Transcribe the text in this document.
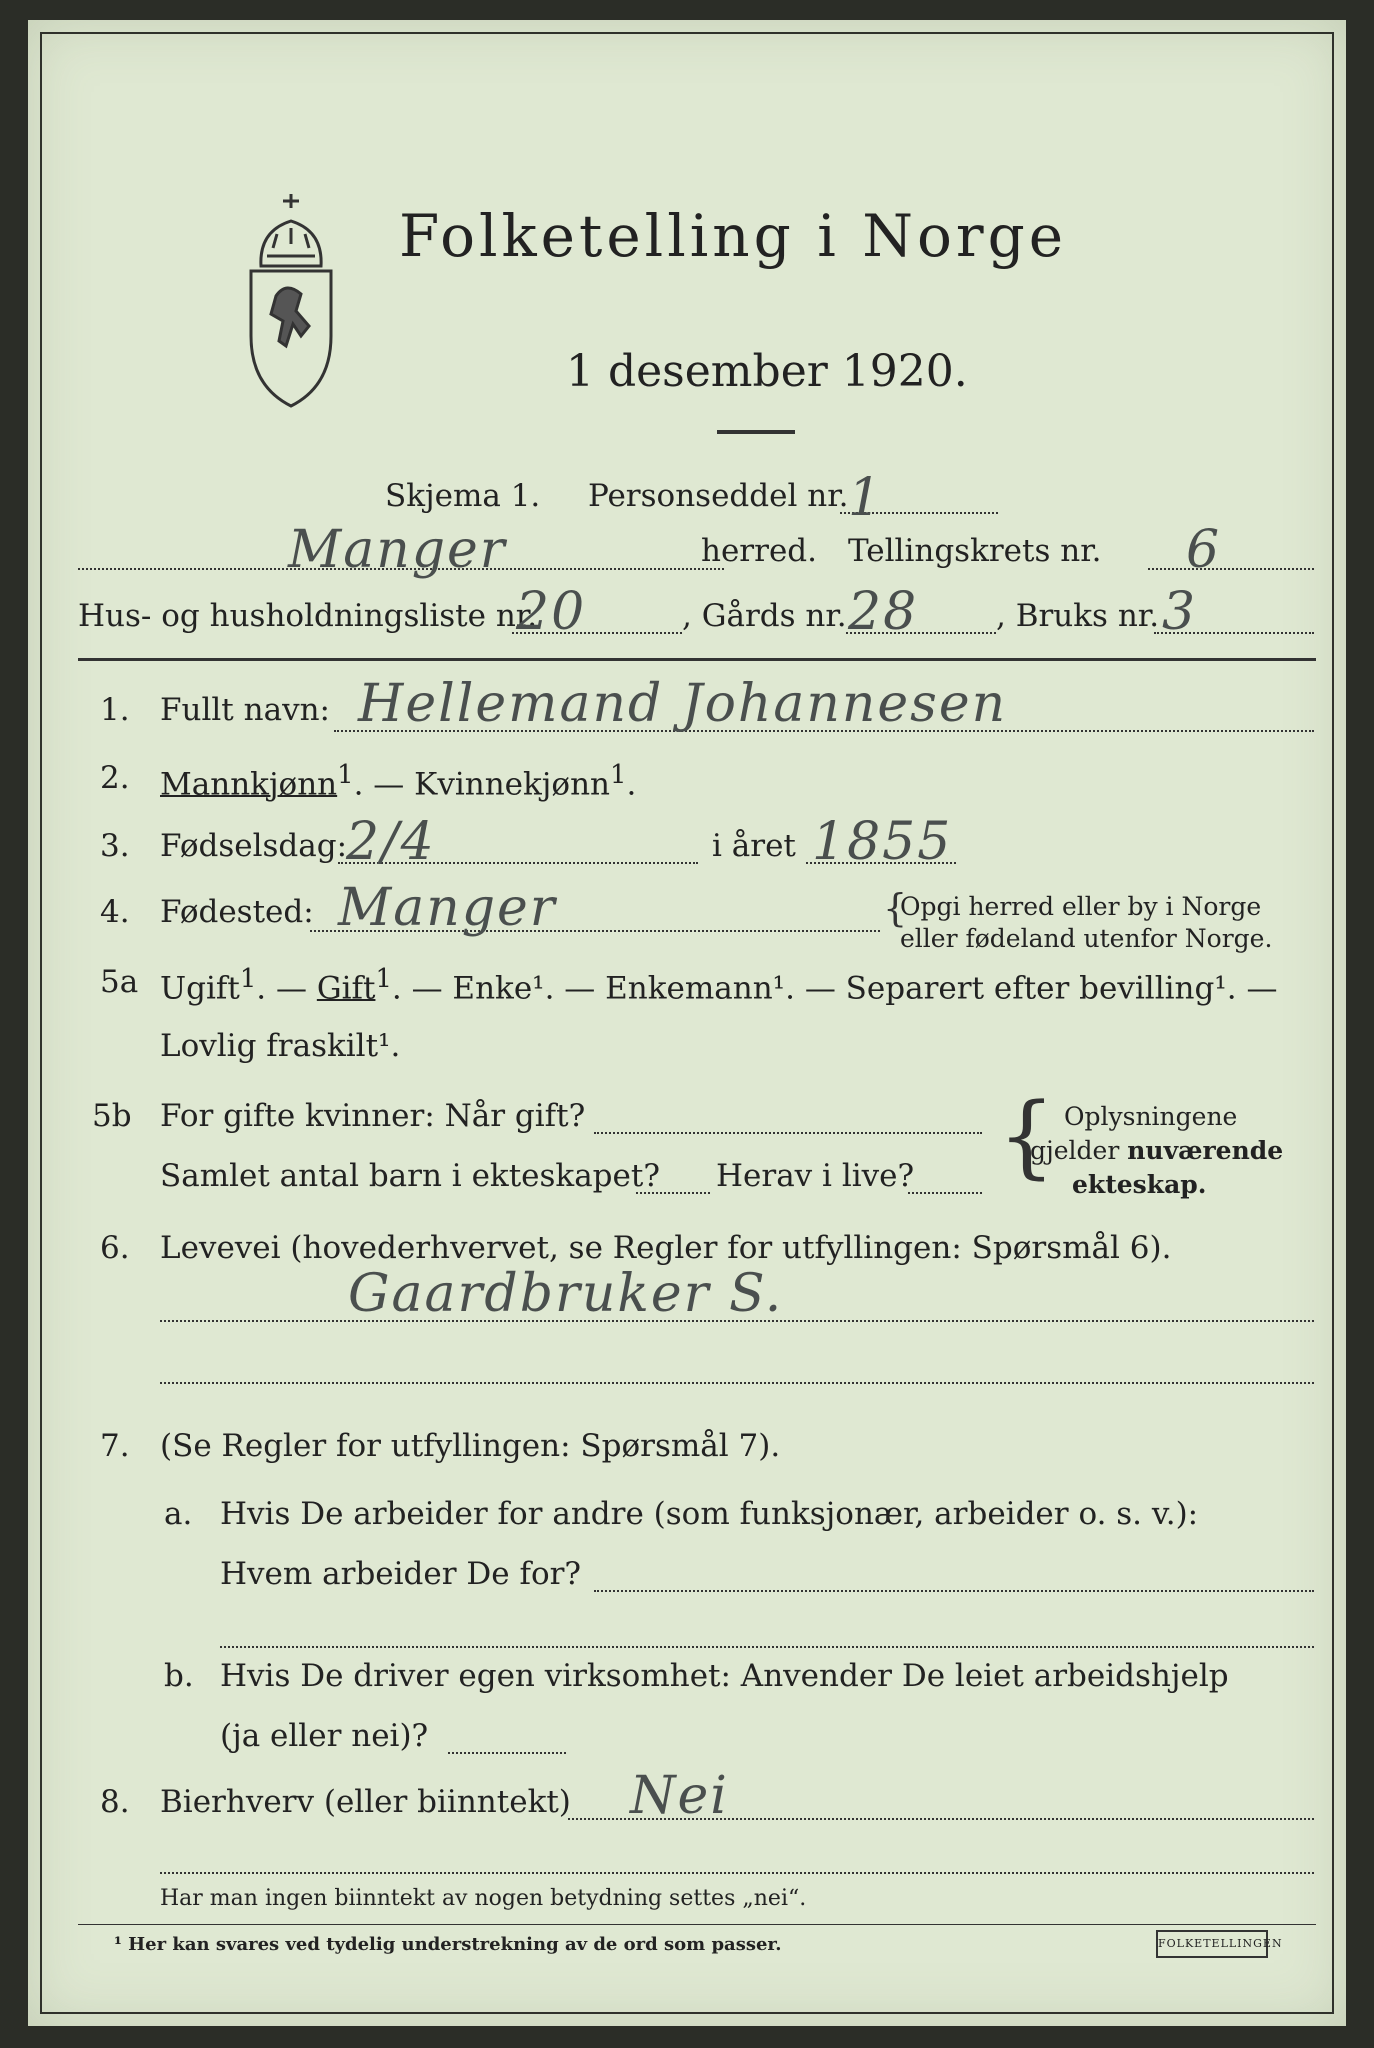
Folketelling i Norge
1 desember 1920.
Skjema 1. Personseddel nr. 1
Manger	herred. Tellingskrets nr. 6
Hus- og husholdningsliste nr.
20	, Gårds nr. 28	, Bruks nr. 3
1. Fullt navn: Hellemand Johannesen
2. Mannkjønn$^1$. — Kvinnekjønn$^1$.
3. Fødselsdag:
2/4	i året 1855
4. Fødested: Manger	{
Opgi herred eller by i Norge
eller fødeland utenfor Norge.
5a Ugift$^1$. — Gift$^1$. — Enke¹. — Enkemann¹. — Separert efter bevilling¹. —
Lovlig fraskilt¹.
5b For gifte kvinner: Når gift?
Samlet antal barn i ekteskapet? Herav i live? { Oplysningene
gjelder nuværende
ekteskap.
6. Levevei (hovederhvervet, se Regler for utfyllingen: Spørsmål 6).
Gaardbruker S.
7. (Se Regler for utfyllingen: Spørsmål 7).
a. Hvis De arbeider for andre (som funksjonær, arbeider o. s. v.):
Hvem arbeider De for?
b. Hvis De driver egen virksomhet: Anvender De leiet arbeidshjelp
(ja eller nei)?
8. Bierhverv (eller biinntekt) Nei
Har man ingen biinntekt av nogen betydning settes „nei“.
¹ Her kan svares ved tydelig understrekning av de ord som passer.	FOLKETELLINGEN
